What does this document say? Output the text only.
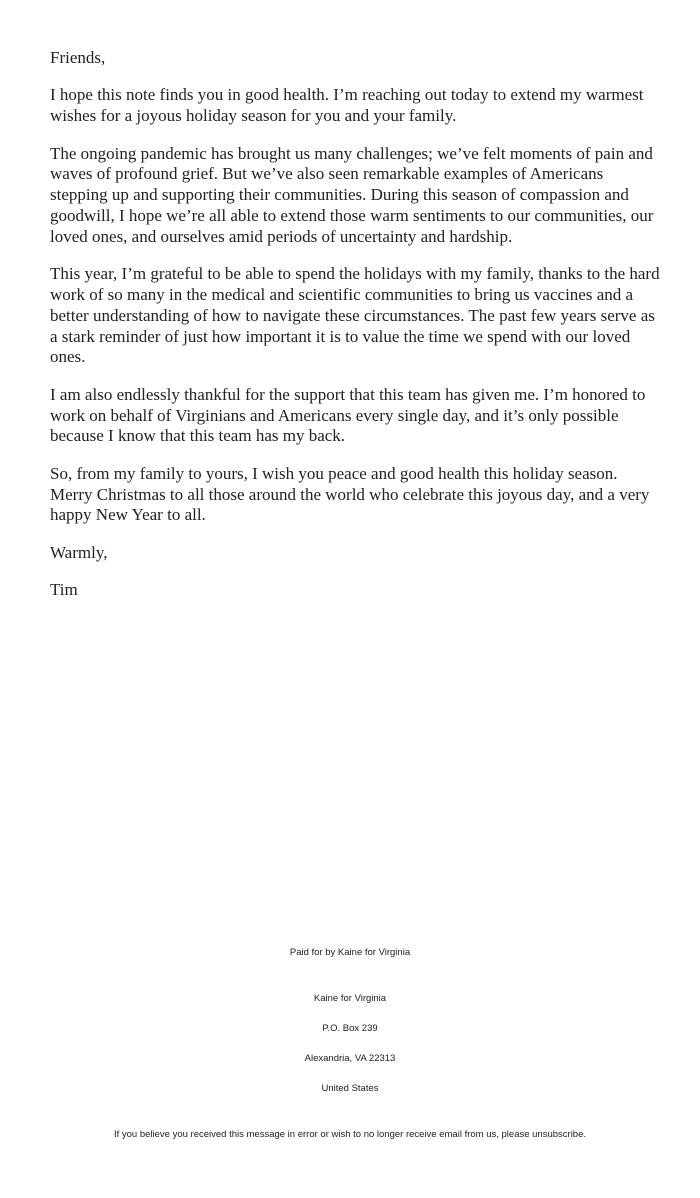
Friends,

I hope this note finds you in good health. I’m reaching out today to extend my warmest wishes for a joyous holiday season for you and your family.

The ongoing pandemic has brought us many challenges; we’ve felt moments of pain and waves of profound grief. But we’ve also seen remarkable examples of Americans stepping up and supporting their communities. During this season of compassion and goodwill, I hope we’re all able to extend those warm sentiments to our communities, our loved ones, and ourselves amid periods of uncertainty and hardship.

This year, I’m grateful to be able to spend the holidays with my family, thanks to the hard work of so many in the medical and scientific communities to bring us vaccines and a better understanding of how to navigate these circumstances. The past few years serve as a stark reminder of just how important it is to value the time we spend with our loved ones.

I am also endlessly thankful for the support that this team has given me. I’m honored to work on behalf of Virginians and Americans every single day, and it’s only possible because I know that this team has my back.

So, from my family to yours, I wish you peace and good health this holiday season. Merry Christmas to all those around the world who celebrate this joyous day, and a very happy New Year to all.

Warmly,

Tim

Paid for by Kaine for Virginia

Kaine for Virginia

P.O. Box 239

Alexandria, VA 22313

United States

If you believe you received this message in error or wish to no longer receive email from us, please unsubscribe.
